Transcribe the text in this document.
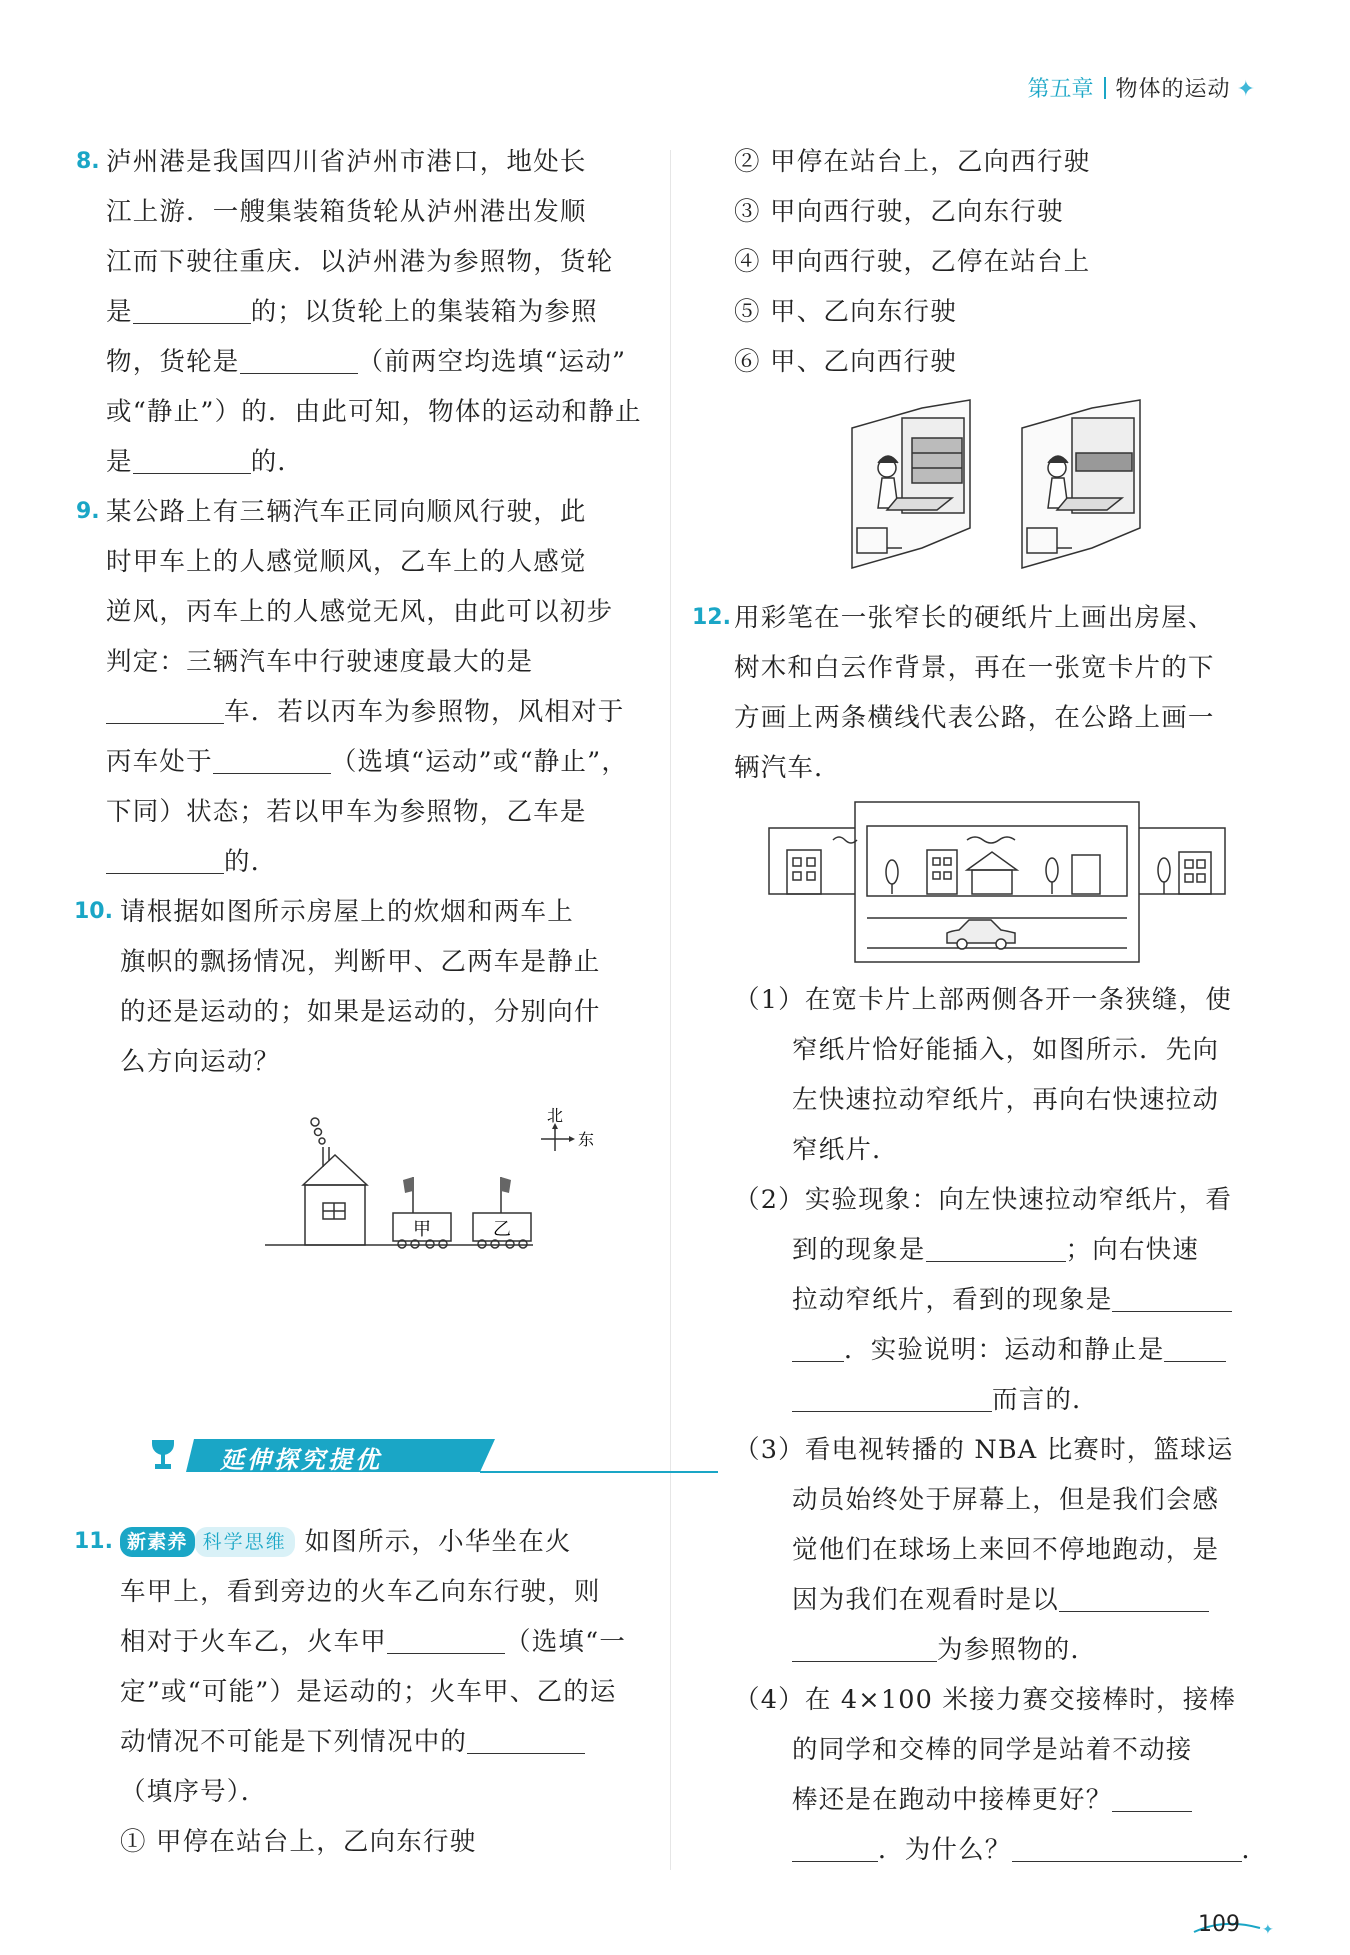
第五章 物体的运动 ✦
8. 泸州港是我国四川省泸州市港口，地处长
江上游．一艘集装箱货轮从泸州港出发顺
江而下驶往重庆．以泸州港为参照物，货轮
是	的；以货轮上的集装箱为参照
物，货轮是	（前两空均选填“运动”
或“静止”）的．由此可知，物体的运动和静止
是	的．
9. 某公路上有三辆汽车正同向顺风行驶，此
时甲车上的人感觉顺风，乙车上的人感觉
逆风，丙车上的人感觉无风，由此可以初步
判定：三辆汽车中行驶速度最大的是
车．若以丙车为参照物，风相对于
丙车处于	（选填“运动”或“静止”，
下同）状态；若以甲车为参照物，乙车是
的．
10. 请根据如图所示房屋上的炊烟和两车上
旗帜的飘扬情况，判断甲、乙两车是静止
的还是运动的；如果是运动的，分别向什
么方向运动？
甲	乙
北
东
延伸探究提优
11. 新素养 科学思维 如图所示，小华坐在火
车甲上，看到旁边的火车乙向东行驶，则
相对于火车乙，火车甲	（选填“一
定”或“可能”）是运动的；火车甲、乙的运
动情况不可能是下列情况中的
（填序号）．
① 甲停在站台上，乙向东行驶
② 甲停在站台上，乙向西行驶
③ 甲向西行驶，乙向东行驶
④ 甲向西行驶，乙停在站台上
⑤ 甲、乙向东行驶
⑥ 甲、乙向西行驶
12. 用彩笔在一张窄长的硬纸片上画出房屋、
树木和白云作背景，再在一张宽卡片的下
方画上两条横线代表公路，在公路上画一
辆汽车．
（1）在宽卡片上部两侧各开一条狭缝，使
窄纸片恰好能插入，如图所示．先向
左快速拉动窄纸片，再向右快速拉动
窄纸片．
（2）实验现象：向左快速拉动窄纸片，看
到的现象是	；向右快速
拉动窄纸片，看到的现象是
．实验说明：运动和静止是
而言的．
（3）看电视转播的 NBA 比赛时，篮球运
动员始终处于屏幕上，但是我们会感
觉他们在球场上来回不停地跑动，是
因为我们在观看时是以
为参照物的．
（4）在 4×100 米接力赛交接棒时，接棒
的同学和交棒的同学是站着不动接
棒还是在跑动中接棒更好？
．为什么？	．
✦
109
